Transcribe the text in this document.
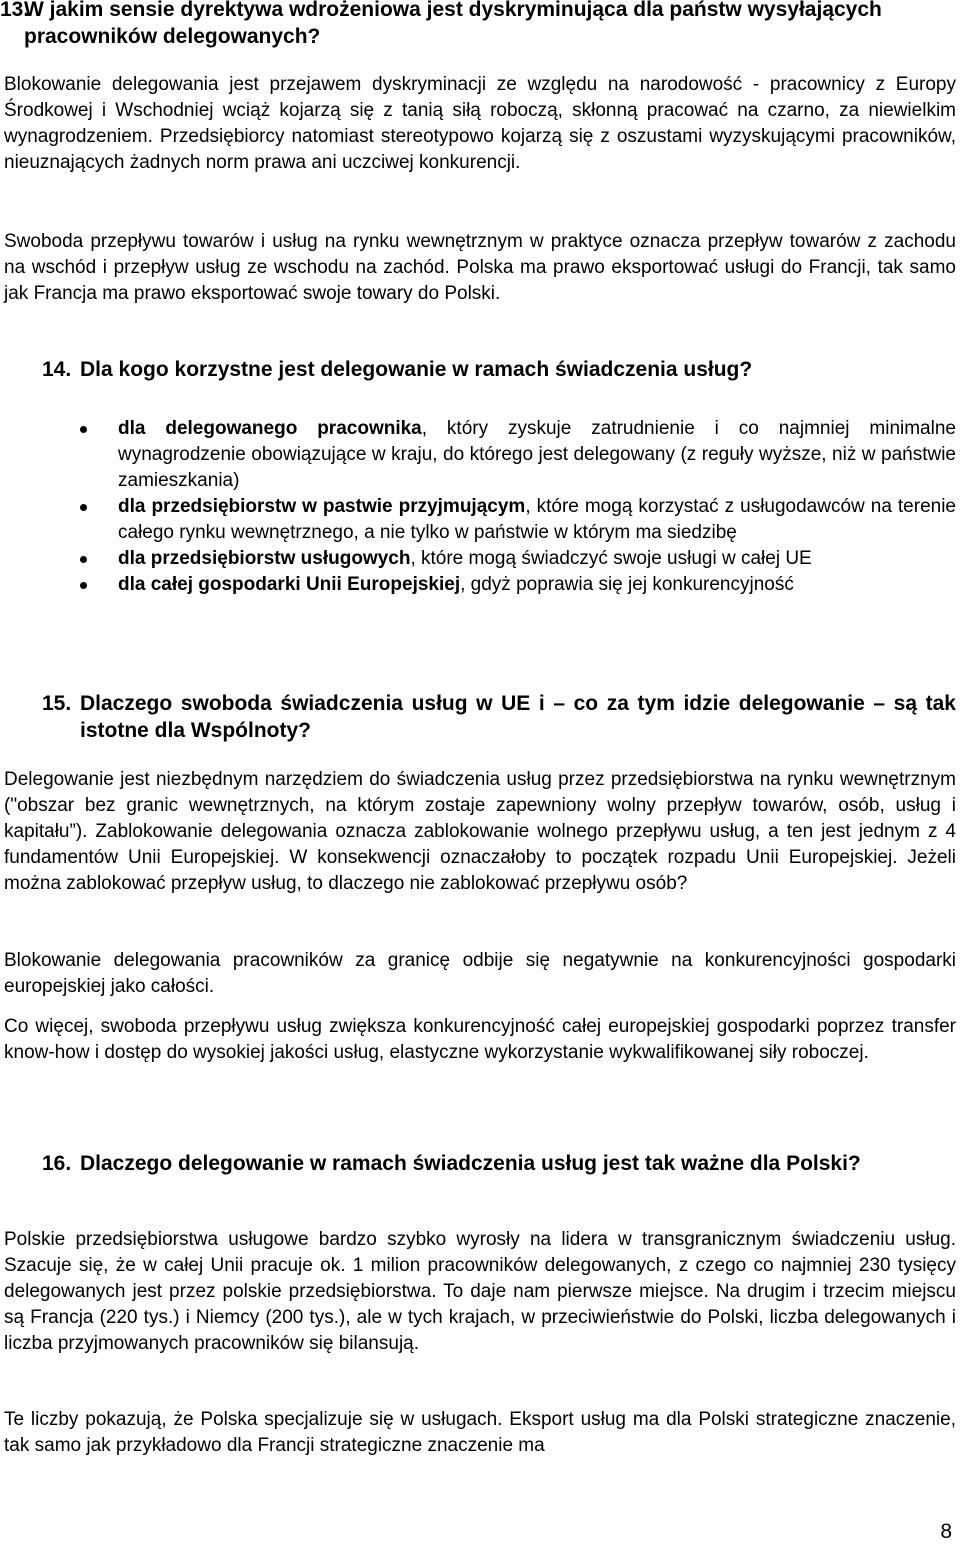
13.
W jakim sensie dyrektywa wdrożeniowa jest dyskryminująca dla państw wysyłających pracowników delegowanych?

Blokowanie delegowania jest przejawem dyskryminacji ze względu na narodowość - pracownicy z Europy Środkowej i Wschodniej wciąż kojarzą się z tanią siłą roboczą, skłonną pracować na czarno, za niewielkim wynagrodzeniem. Przedsiębiorcy natomiast stereotypowo kojarzą się z oszustami wyzyskującymi pracowników, nieuznających żadnych norm prawa ani uczciwej konkurencji.

Swoboda przepływu towarów i usług na rynku wewnętrznym w praktyce oznacza przepływ towarów z zachodu na wschód i przepływ usług ze wschodu na zachód. Polska ma prawo eksportować usługi do Francji, tak samo jak Francja ma prawo eksportować swoje towary do Polski.

14. Dla kogo korzystne jest delegowanie w ramach świadczenia usług?
dla delegowanego pracownika, który zyskuje zatrudnienie i co najmniej minimalne wynagrodzenie obowiązujące w kraju, do którego jest delegowany (z reguły wyższe, niż w państwie zamieszkania)
dla przedsiębiorstw w pastwie przyjmującym, które mogą korzystać z usługodawców na terenie całego rynku wewnętrznego, a nie tylko w państwie w którym ma siedzibę
dla przedsiębiorstw usługowych, które mogą świadczyć swoje usługi w całej UE
dla całej gospodarki Unii Europejskiej, gdyż poprawia się jej konkurencyjność
15. Dlaczego swoboda świadczenia usług w UE i – co za tym idzie delegowanie – są tak istotne dla Wspólnoty?

Delegowanie jest niezbędnym narzędziem do świadczenia usług przez przedsiębiorstwa na rynku wewnętrznym ("obszar bez granic wewnętrznych, na którym zostaje zapewniony wolny przepływ towarów, osób, usług i kapitału”). Zablokowanie delegowania oznacza zablokowanie wolnego przepływu usług, a ten jest jednym z 4 fundamentów Unii Europejskiej. W konsekwencji oznaczałoby to początek rozpadu Unii Europejskiej. Jeżeli można zablokować przepływ usług, to dlaczego nie zablokować przepływu osób?

Blokowanie delegowania pracowników za granicę odbije się negatywnie na konkurencyjności gospodarki europejskiej jako całości.

Co więcej, swoboda przepływu usług zwiększa konkurencyjność całej europejskiej gospodarki poprzez transfer know-how i dostęp do wysokiej jakości usług, elastyczne wykorzystanie wykwalifikowanej siły roboczej.

16. Dlaczego delegowanie w ramach świadczenia usług jest tak ważne dla Polski?

Polskie przedsiębiorstwa usługowe bardzo szybko wyrosły na lidera w transgranicznym świadczeniu usług. Szacuje się, że w całej Unii pracuje ok. 1 milion pracowników delegowanych, z czego co najmniej 230 tysięcy delegowanych jest przez polskie przedsiębiorstwa. To daje nam pierwsze miejsce. Na drugim i trzecim miejscu są Francja (220 tys.) i Niemcy (200 tys.), ale w tych krajach, w przeciwieństwie do Polski, liczba delegowanych i liczba przyjmowanych pracowników się bilansują.

Te liczby pokazują, że Polska specjalizuje się w usługach. Eksport usług ma dla Polski strategiczne znaczenie, tak samo jak przykładowo dla Francji strategiczne znaczenie ma

8
